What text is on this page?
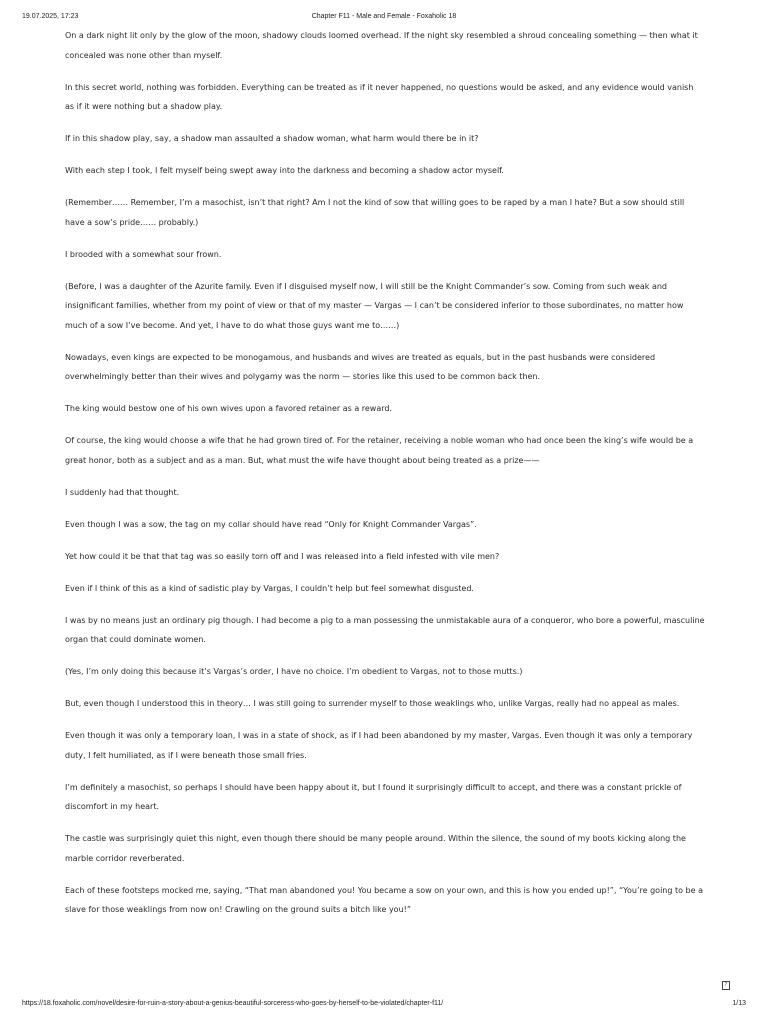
19.07.2025, 17:23	Chapter F11 - Male and Female - Foxaholic 18

On a dark night lit only by the glow of the moon, shadowy clouds loomed overhead. If the night sky resembled a shroud concealing something — then what it concealed was none other than myself.

In this secret world, nothing was forbidden. Everything can be treated as if it never happened, no questions would be asked, and any evidence would vanish as if it were nothing but a shadow play.

If in this shadow play, say, a shadow man assaulted a shadow woman, what harm would there be in it?

With each step I took, I felt myself being swept away into the darkness and becoming a shadow actor myself.

(Remember…… Remember, I’m a masochist, isn’t that right? Am I not the kind of sow that willing goes to be raped by a man I hate? But a sow should still have a sow’s pride…… probably.)

I brooded with a somewhat sour frown.

(Before, I was a daughter of the Azurite family. Even if I disguised myself now, I will still be the Knight Commander’s sow. Coming from such weak and insignificant families, whether from my point of view or that of my master — Vargas — I can’t be considered inferior to those subordinates, no matter how much of a sow I’ve become. And yet, I have to do what those guys want me to……)

Nowadays, even kings are expected to be monogamous, and husbands and wives are treated as equals, but in the past husbands were considered overwhelmingly better than their wives and polygamy was the norm — stories like this used to be common back then.

The king would bestow one of his own wives upon a favored retainer as a reward.

Of course, the king would choose a wife that he had grown tired of. For the retainer, receiving a noble woman who had once been the king’s wife would be a great honor, both as a subject and as a man. But, what must the wife have thought about being treated as a prize——

I suddenly had that thought.

Even though I was a sow, the tag on my collar should have read “Only for Knight Commander Vargas”.

Yet how could it be that that tag was so easily torn off and I was released into a field infested with vile men?

Even if I think of this as a kind of sadistic play by Vargas, I couldn’t help but feel somewhat disgusted.

I was by no means just an ordinary pig though. I had become a pig to a man possessing the unmistakable aura of a conqueror, who bore a powerful, masculine organ that could dominate women.

(Yes, I’m only doing this because it’s Vargas’s order, I have no choice. I’m obedient to Vargas, not to those mutts.)

But, even though I understood this in theory… I was still going to surrender myself to those weaklings who, unlike Vargas, really had no appeal as males.

Even though it was only a temporary loan, I was in a state of shock, as if I had been abandoned by my master, Vargas. Even though it was only a temporary duty, I felt humiliated, as if I were beneath those small fries.

I’m definitely a masochist, so perhaps I should have been happy about it, but I found it surprisingly difficult to accept, and there was a constant prickle of discomfort in my heart.

The castle was surprisingly quiet this night, even though there should be many people around. Within the silence, the sound of my boots kicking along the marble corridor reverberated.

Each of these footsteps mocked me, saying, “That man abandoned you! You became a sow on your own, and this is how you ended up!”, “You’re going to be a slave for those weaklings from now on! Crawling on the ground suits a bitch like you!”

?
https://18.foxaholic.com/novel/desire-for-ruin-a-story-about-a-genius-beautiful-sorceress-who-goes-by-herself-to-be-violated/chapter-f11/	1/13
